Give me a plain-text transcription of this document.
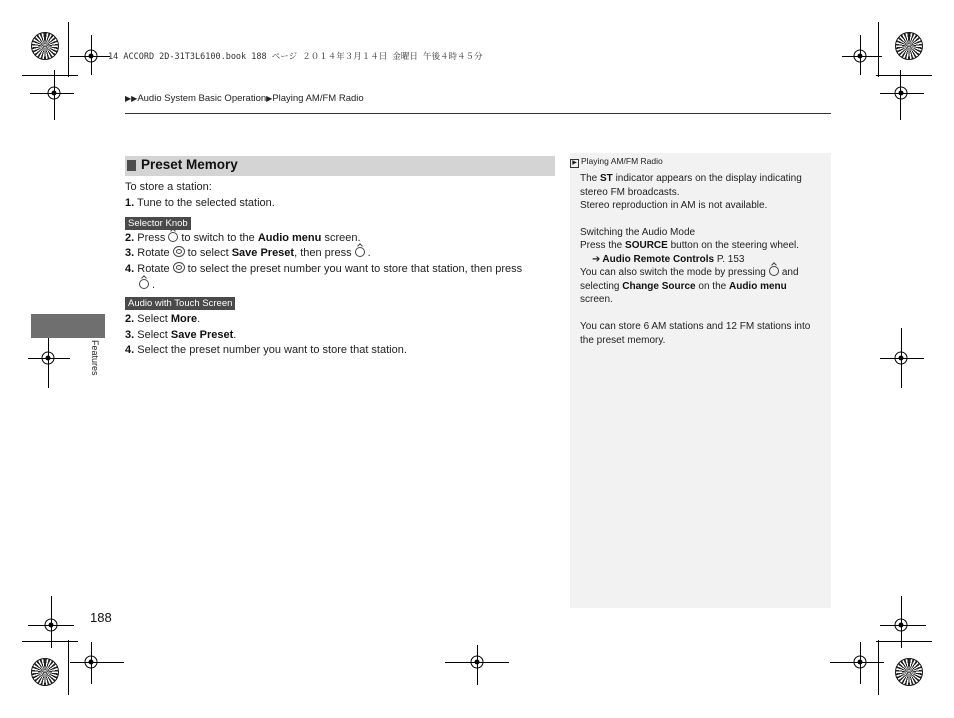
14 ACCORD 2D-31T3L6100.book 188 ページ ２０１４年３月１４日 金曜日 午後４時４５分
▶▶Audio System Basic Operation▶Playing AM/FM Radio
Features
Preset Memory
To store a station:
1. Tune to the selected station.
Selector Knob
2. Press to switch to the Audio menu screen.
3. Rotate to select Save Preset, then press .
4. Rotate to select the preset number you want to store that station, then press
.
Audio with Touch Screen
2. Select More.
3. Select Save Preset.
4. Select the preset number you want to store that station.
▶ Playing AM/FM Radio
The ST indicator appears on the display indicating
stereo FM broadcasts.
Stereo reproduction in AM is not available.
Switching the Audio Mode
Press the SOURCE button on the steering wheel.
➔ Audio Remote Controls P. 153
You can also switch the mode by pressing and
selecting Change Source on the Audio menu
screen.
You can store 6 AM stations and 12 FM stations into
the preset memory.
188
